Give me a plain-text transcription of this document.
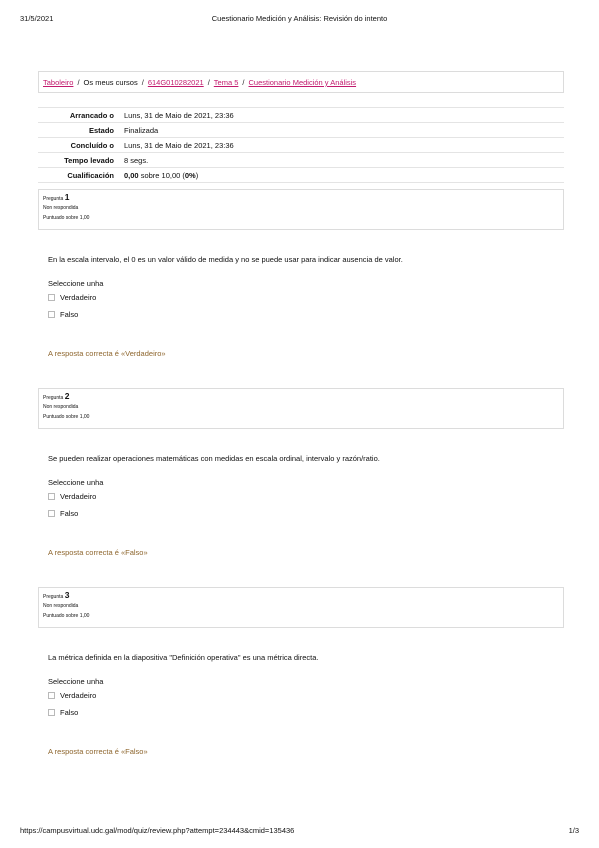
31/5/2021	Cuestionario Medición y Análisis: Revisión do intento
Taboleiro / Os meus cursos / 614G010282021 / Tema 5 / Cuestionario Medición y Análisis
Arrancado o	Luns, 31 de Maio de 2021, 23:36
Estado	Finalizada
Concluído o	Luns, 31 de Maio de 2021, 23:36
Tempo levado	8 segs.
Cualificación	0,00 sobre 10,00 (0%)
Pregunta 1
Non respondida
Puntuado sobre 1,00
En la escala intervalo, el 0 es un valor válido de medida y no se puede usar para indicar ausencia de valor.
Seleccione unha
Verdadeiro
Falso
A resposta correcta é «Verdadeiro»
Pregunta 2
Non respondida
Puntuado sobre 1,00
Se pueden realizar operaciones matemáticas con medidas en escala ordinal, intervalo y razón/ratio.
Seleccione unha
Verdadeiro
Falso
A resposta correcta é «Falso»
Pregunta 3
Non respondida
Puntuado sobre 1,00
La métrica definida en la diapositiva "Definición operativa" es una métrica directa.
Seleccione unha
Verdadeiro
Falso
A resposta correcta é «Falso»
https://campusvirtual.udc.gal/mod/quiz/review.php?attempt=234443&cmid=135436	1/3
